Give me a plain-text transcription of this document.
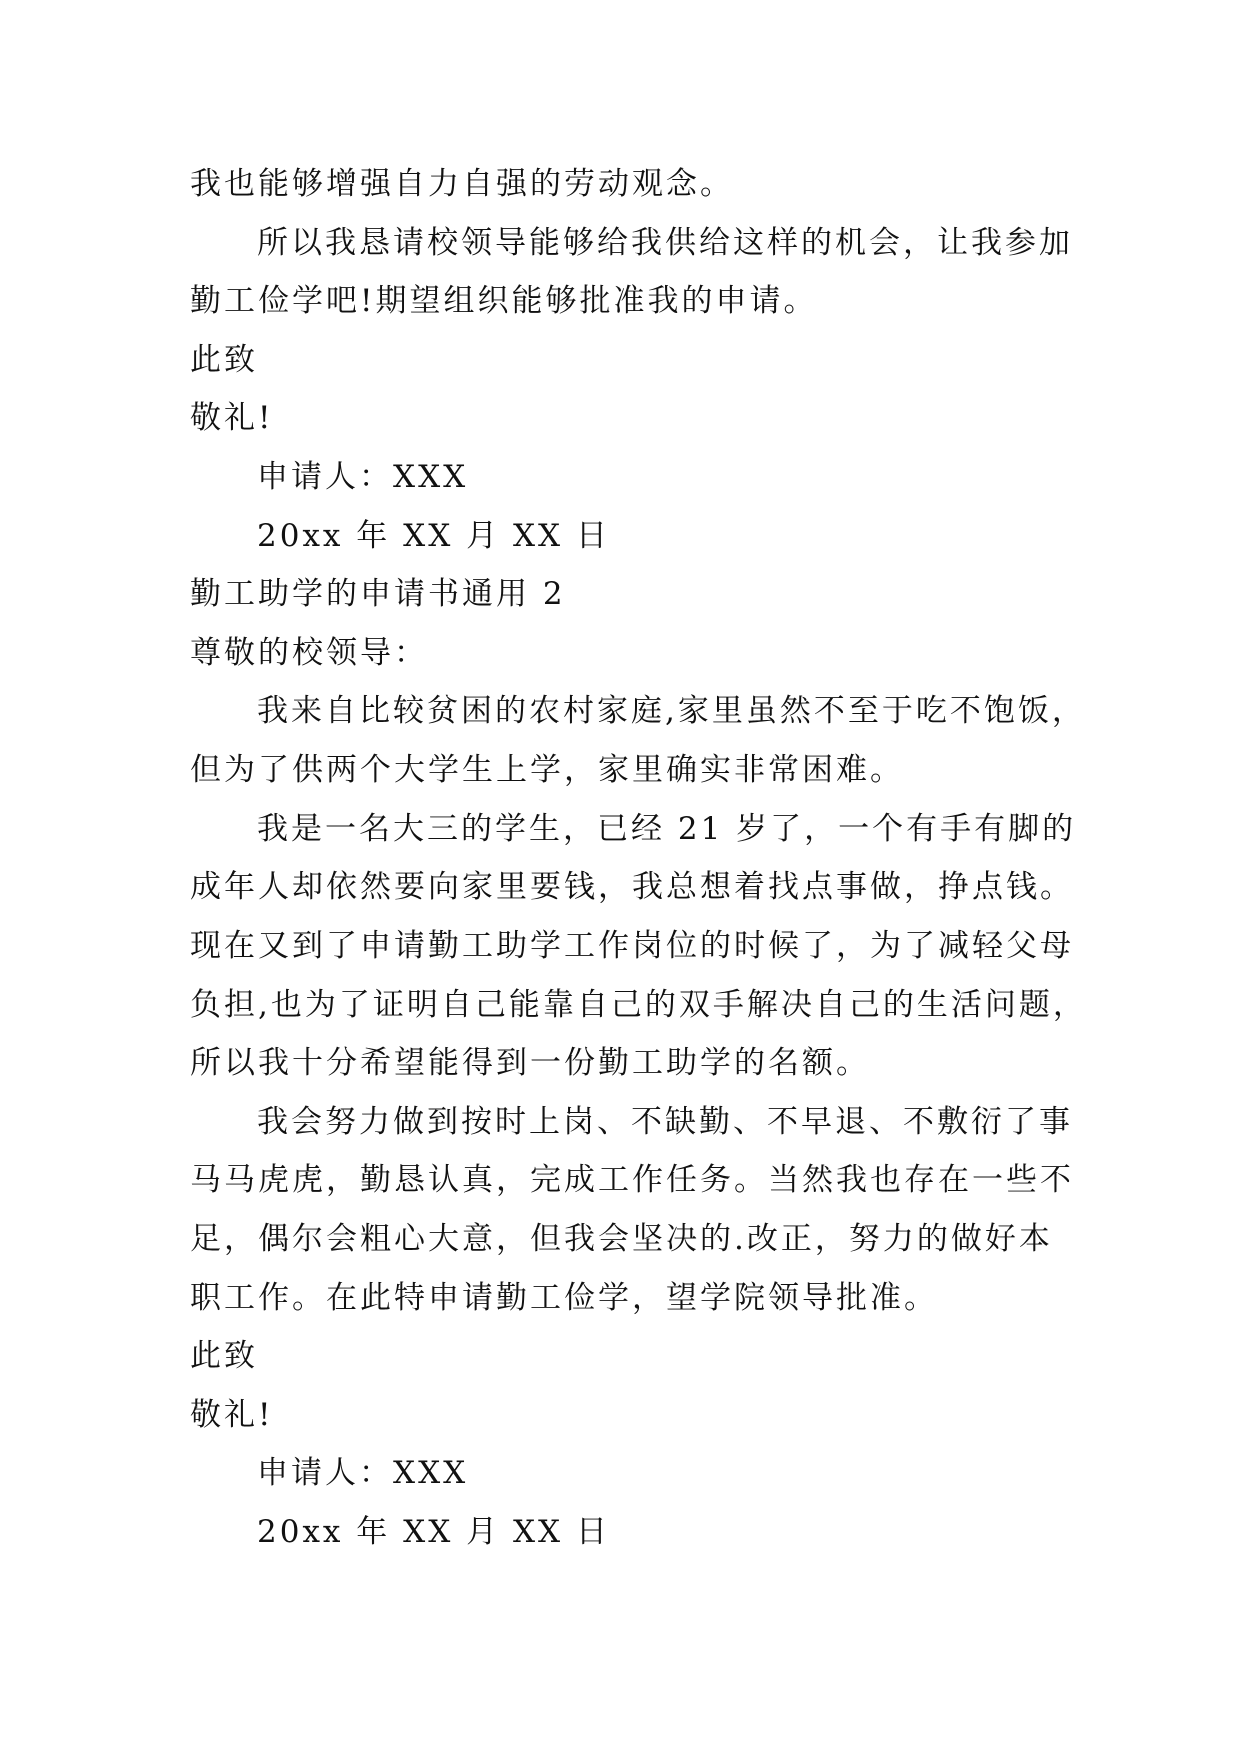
我也能够增强自力自强的劳动观念。
所以我恳请校领导能够给我供给这样的机会，让我参加
勤工俭学吧!期望组织能够批准我的申请。
此致
敬礼!
申请人：XXX
20xx 年 XX 月 XX 日
勤工助学的申请书通用 2
尊敬的校领导：
我来自比较贫困的农村家庭,家里虽然不至于吃不饱饭，
但为了供两个大学生上学，家里确实非常困难。
我是一名大三的学生，已经 21 岁了，一个有手有脚的
成年人却依然要向家里要钱，我总想着找点事做，挣点钱。
现在又到了申请勤工助学工作岗位的时候了，为了减轻父母
负担,也为了证明自己能靠自己的双手解决自己的生活问题，
所以我十分希望能得到一份勤工助学的名额。
我会努力做到按时上岗、不缺勤、不早退、不敷衍了事
马马虎虎，勤恳认真，完成工作任务。当然我也存在一些不
足，偶尔会粗心大意，但我会坚决的.改正，努力的做好本
职工作。在此特申请勤工俭学，望学院领导批准。
此致
敬礼!
申请人：XXX
20xx 年 XX 月 XX 日
